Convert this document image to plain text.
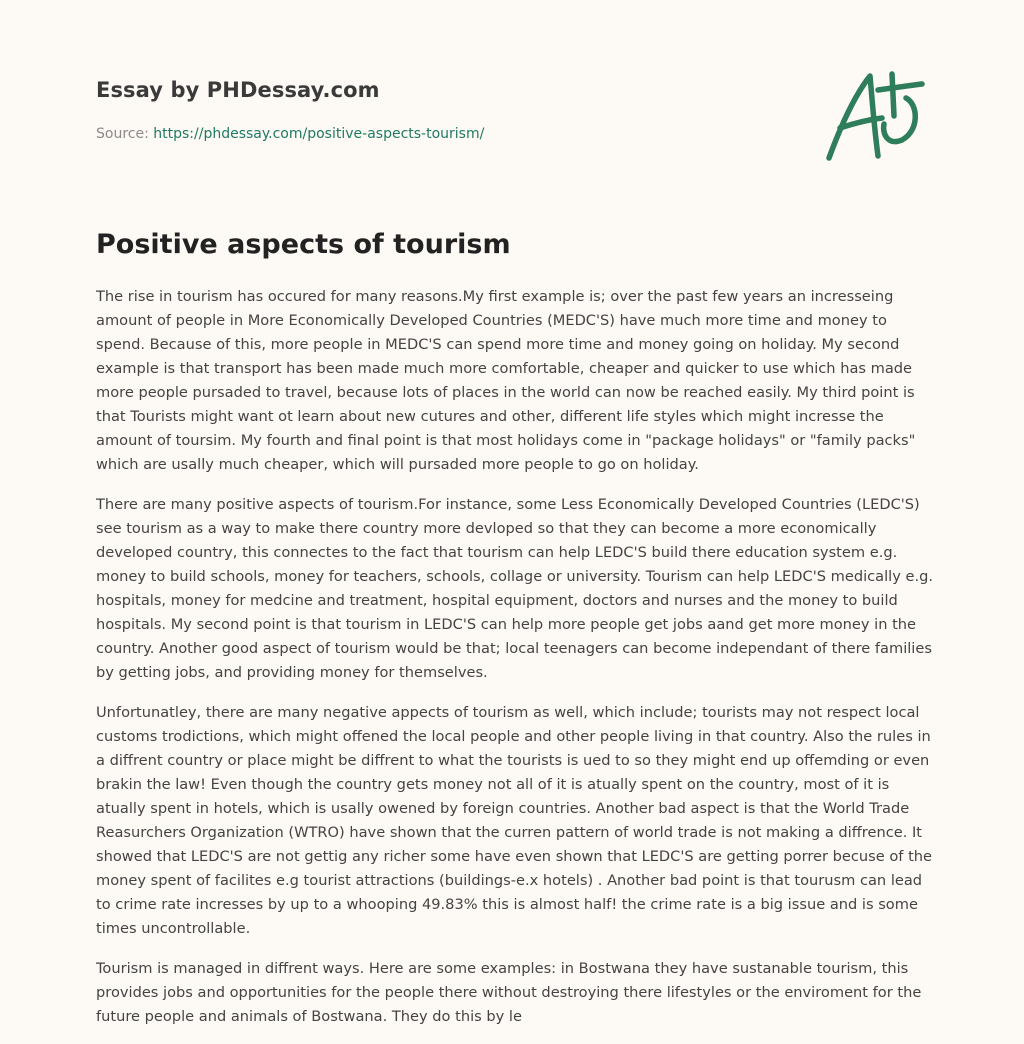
Essay by PHDessay.com
Source: https://phdessay.com/positive-aspects-tourism/
Positive aspects of tourism

The rise in tourism has occured for many reasons.My first example is; over the past few years an incresseing amount of people in More Economically Developed Countries (MEDC'S) have much more time and money to spend. Because of this, more people in MEDC'S can spend more time and money going on holiday. My second example is that transport has been made much more comfortable, cheaper and quicker to use which has made more people pursaded to travel, because lots of places in the world can now be reached easily. My third point is that Tourists might want ot learn about new cutures and other, different life styles which might incresse the amount of toursim. My fourth and final point is that most holidays come in "package holidays" or "family packs" which are usally much cheaper, which will pursaded more people to go on holiday.

There are many positive aspects of tourism.For instance, some Less Economically Developed Countries (LEDC'S) see tourism as a way to make there country more devloped so that they can become a more economically developed country, this connectes to the fact that tourism can help LEDC'S build there education system e.g. money to build schools, money for teachers, schools, collage or university. Tourism can help LEDC'S medically e.g. hospitals, money for medcine and treatment, hospital equipment, doctors and nurses and the money to build hospitals. My second point is that tourism in LEDC'S can help more people get jobs aand get more money in the country. Another good aspect of tourism would be that; local teenagers can become independant of there families by getting jobs, and providing money for themselves.

Unfortunatley, there are many negative appects of tourism as well, which include; tourists may not respect local customs trodictions, which might offened the local people and other people living in that country. Also the rules in a diffrent country or place might be diffrent to what the tourists is ued to so they might end up offemding or even brakin the law! Even though the country gets money not all of it is atually spent on the country, most of it is atually spent in hotels, which is usally owened by foreign countries. Another bad aspect is that the World Trade Reasurchers Organization (WTRO) have shown that the curren pattern of world trade is not making a diffrence. It showed that LEDC'S are not gettig any richer some have even shown that LEDC'S are getting porrer becuse of the money spent of facilites e.g tourist attractions (buildings-e.x hotels) . Another bad point is that tourusm can lead to crime rate incresses by up to a whooping 49.83% this is almost half! the crime rate is a big issue and is some times uncontrollable.

Tourism is managed in diffrent ways. Here are some examples: in Bostwana they have sustanable tourism, this provides jobs and opportunities for the people there without destroying there lifestyles or the enviroment for the future people and animals of Bostwana. They do this by le
